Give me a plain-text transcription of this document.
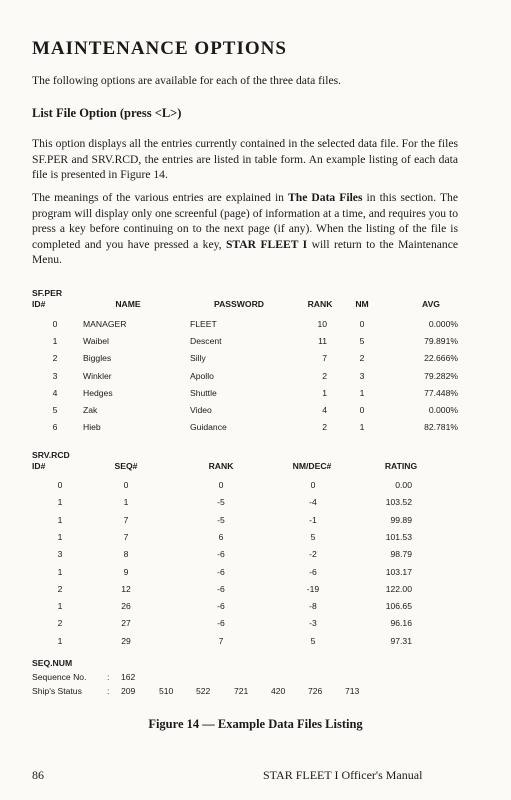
MAINTENANCE OPTIONS
The following options are available for each of the three data files.
List File Option (press <L>)
This option displays all the entries currently contained in the selected data file. For the files SF.PER and SRV.RCD, the entries are listed in table form. An example listing of each data file is presented in Figure 14.
The meanings of the various entries are explained in The Data Files in this section. The program will display only one screenful (page) of information at a time, and requires you to press a key before continuing on to the next page (if any). When the listing of the file is completed and you have pressed a key, STAR FLEET I will return to the Maintenance Menu.
SF.PER
ID#	NAME	PASSWORD	RANK	NM	AVG
0	MANAGER	FLEET	10	0	0.000%
1	Waibel	Descent	11	5	79.891%
2	Biggles	Silly	7	2	22.666%
3	Winkler	Apollo	2	3	79.282%
4	Hedges	Shuttle	1	1	77.448%
5	Zak	Video	4	0	0.000%
6	Hieb	Guidance	2	1	82.781%
SRV.RCD
ID#	SEQ#	RANK	NM/DEC#	RATING
0	0	0	0	0.00
1	1	-5	-4	103.52
1	7	-5	-1	99.89
1	7	6	5	101.53
3	8	-6	-2	98.79
1	9	-6	-6	103.17
2	12	-6	-19	122.00
1	26	-6	-8	106.65
2	27	-6	-3	96.16
1	29	7	5	97.31
SEQ.NUM
Sequence No. : 162
Ship's Status	: 209	510	522	721	420	726	713
Figure 14 — Example Data Files Listing
86	STAR FLEET I Officer's Manual
